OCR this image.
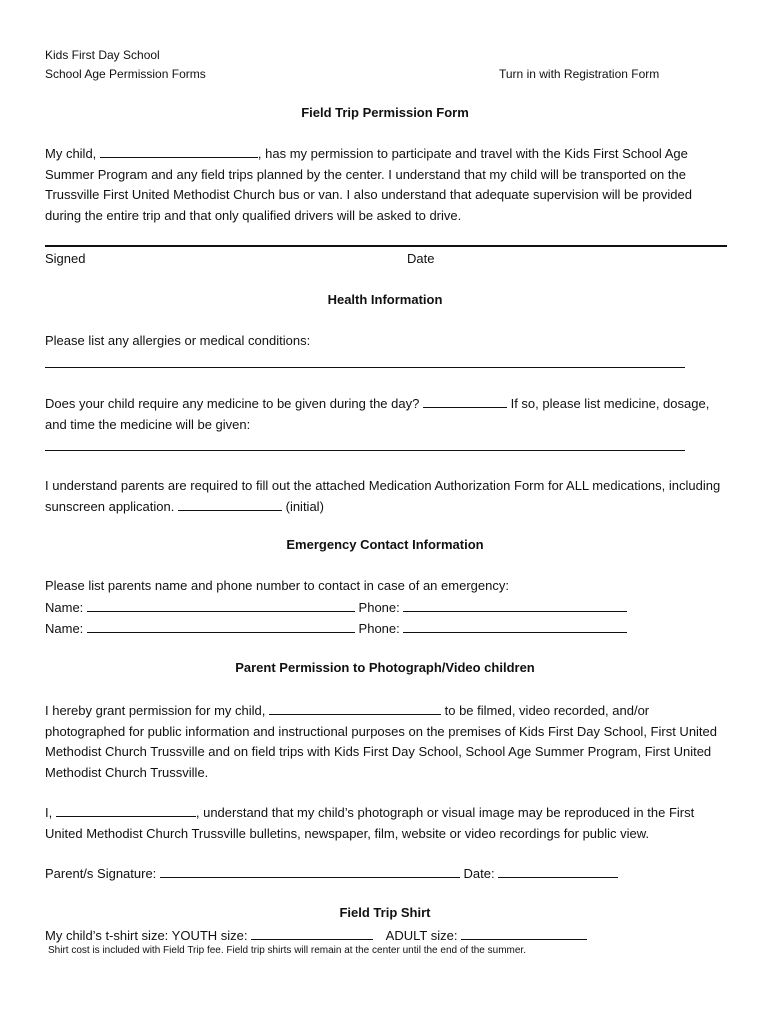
Kids First Day School
School Age Permission Forms	Turn in with Registration Form
Field Trip Permission Form
My child,	, has my permission to participate and travel with the Kids First School Age Summer Program and any field trips planned by the center. I understand that my child will be transported on the Trussville First United Methodist Church bus or van. I also understand that adequate supervision will be provided during the entire trip and that only qualified drivers will be asked to drive.
Signed	Date
Health Information
Please list any allergies or medical conditions:
Does your child require any medicine to be given during the day?	If so, please list medicine, dosage, and time the medicine will be given:
I understand parents are required to fill out the attached Medication Authorization Form for ALL medications, including sunscreen application.	(initial)
Emergency Contact Information
Please list parents name and phone number to contact in case of an emergency:
Name:	Phone:
Name:	Phone:
Parent Permission to Photograph/Video children
I hereby grant permission for my child,	to be filmed, video recorded, and/or photographed for public information and instructional purposes on the premises of Kids First Day School, First United Methodist Church Trussville and on field trips with Kids First Day School, School Age Summer Program, First United Methodist Church Trussville.
I,	, understand that my child’s photograph or visual image may be reproduced in the First United Methodist Church Trussville bulletins, newspaper, film, website or video recordings for public view.
Parent/s Signature:	Date:
Field Trip Shirt
My child’s t-shirt size: YOUTH size:	ADULT size:
Shirt cost is included with Field Trip fee. Field trip shirts will remain at the center until the end of the summer.
